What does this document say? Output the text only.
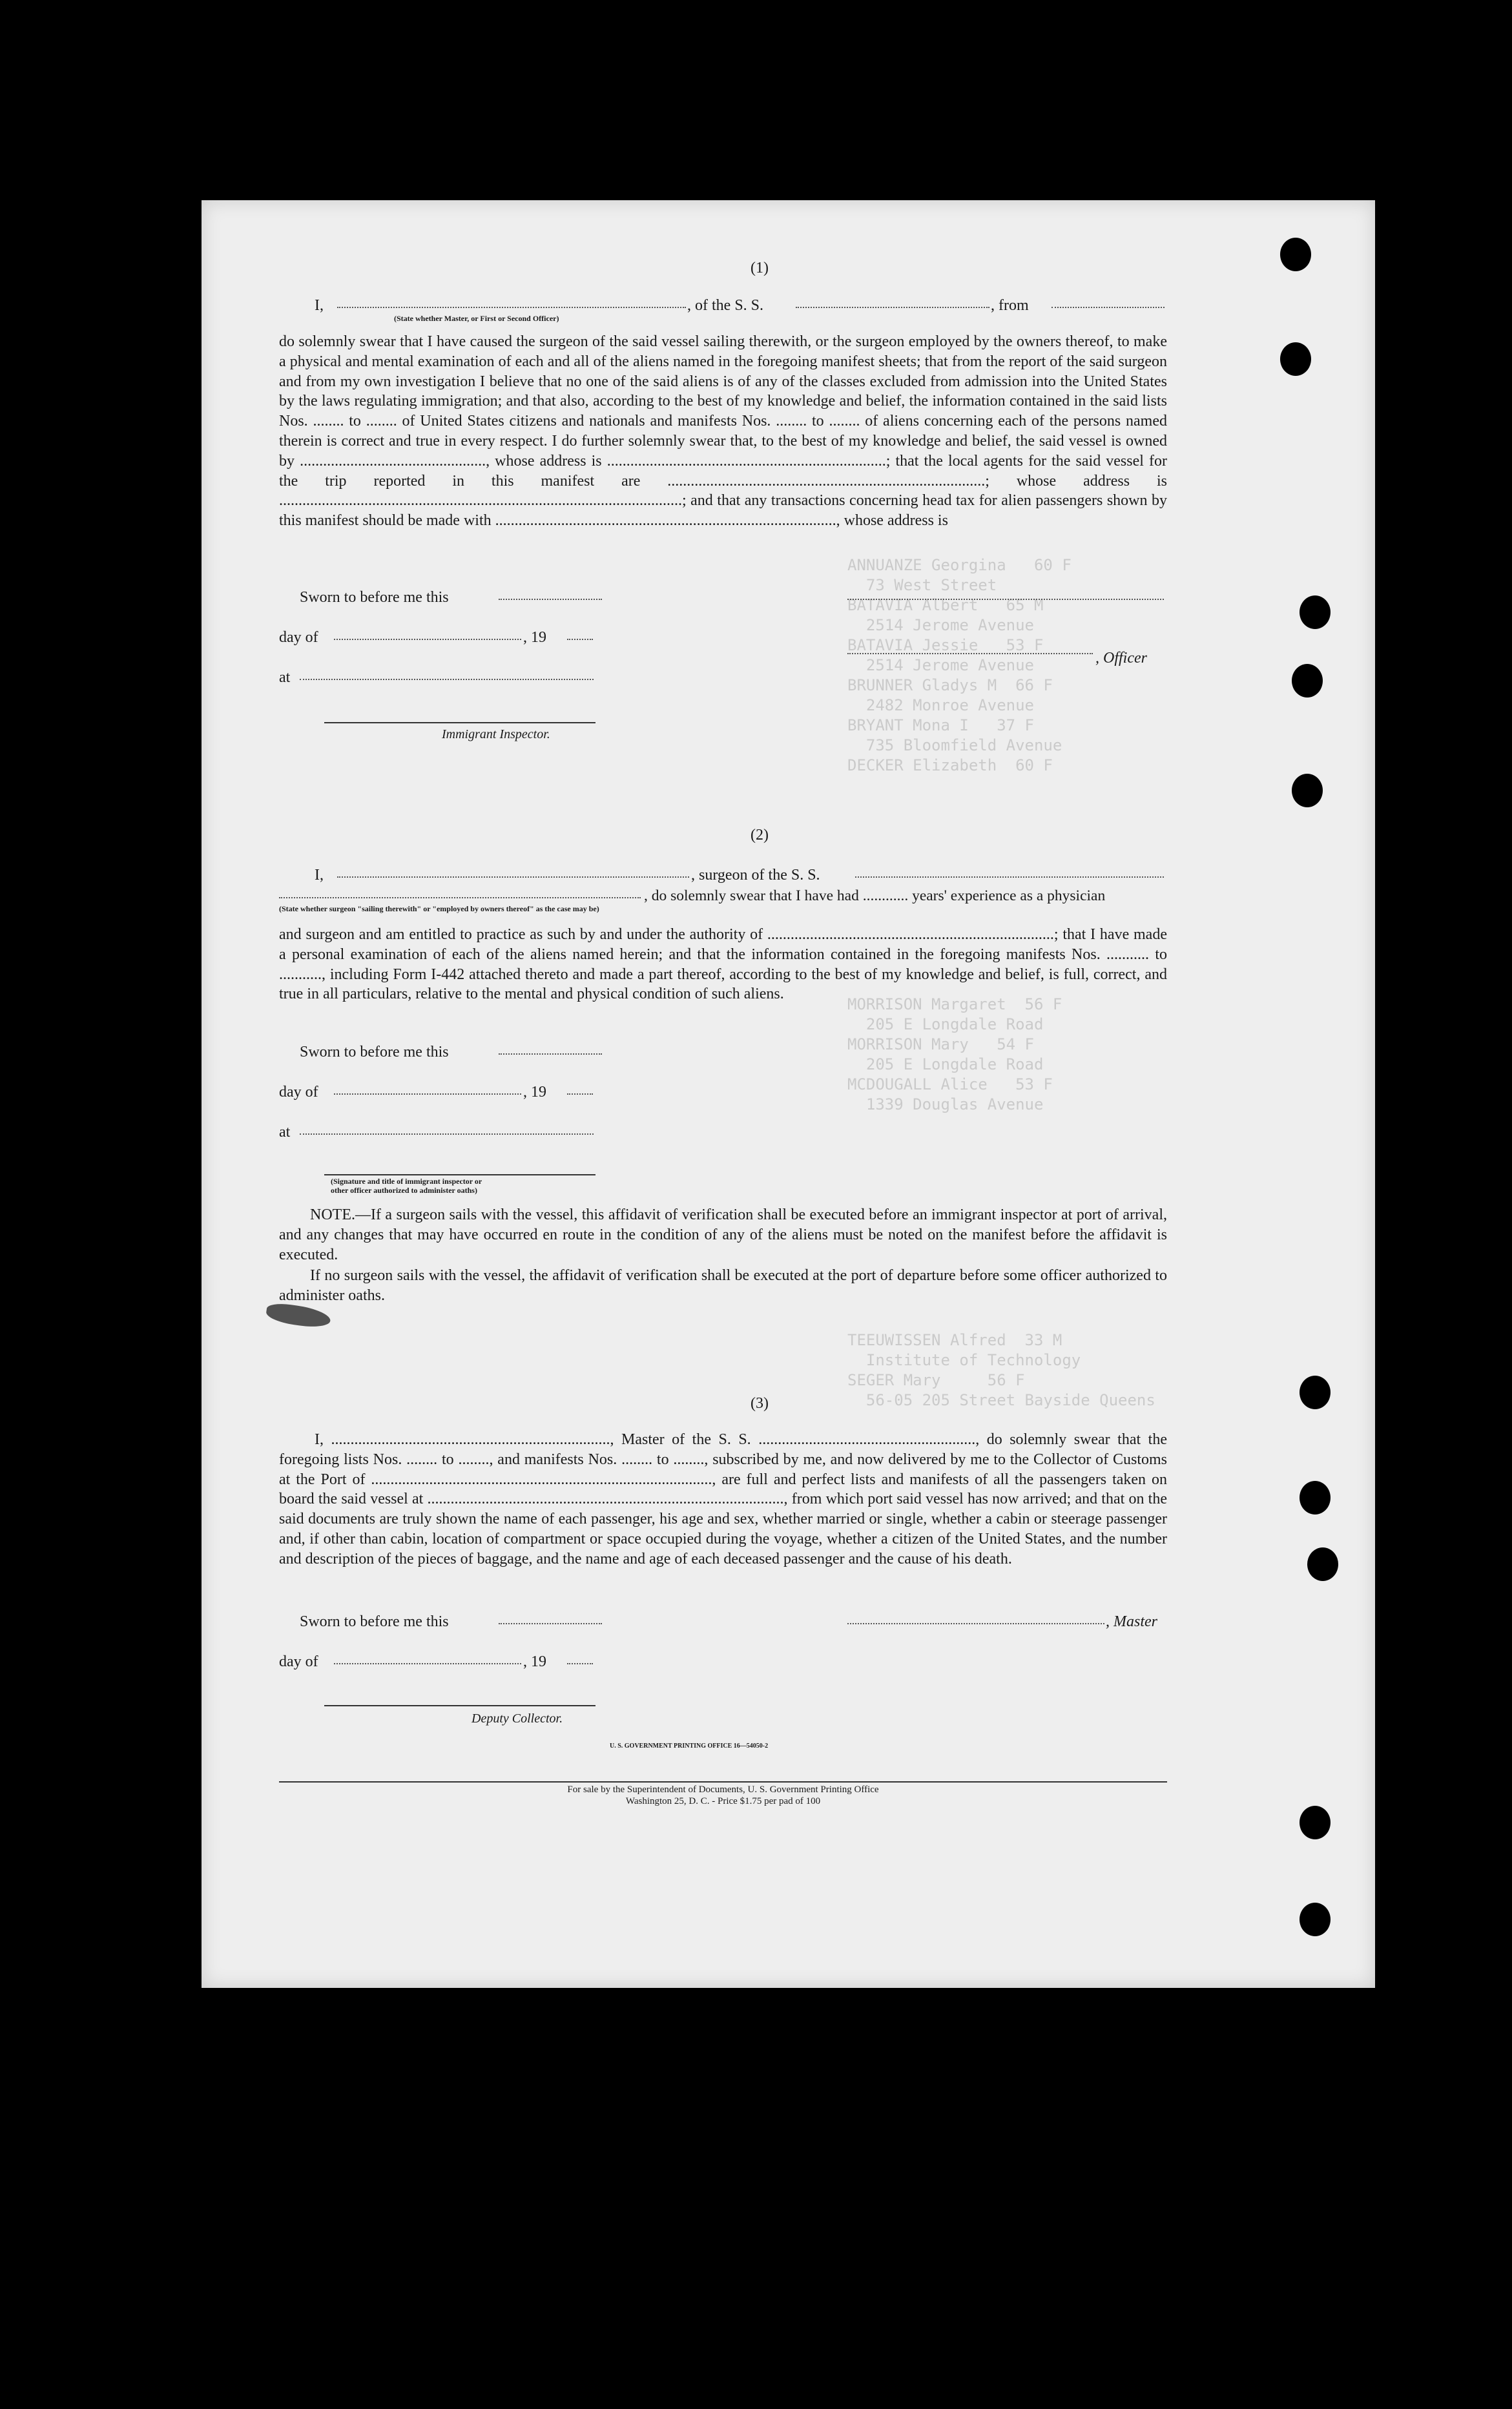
ANNUANZE Georgina   60 F
73 West Street
BATAVIA Albert   65 M
2514 Jerome Avenue
BATAVIA Jessie   53 F
2514 Jerome Avenue
BRUNNER Gladys M  66 F
2482 Monroe Avenue
BRYANT Mona I   37 F
735 Bloomfield Avenue
DECKER Elizabeth  60 F
MORRISON Margaret  56 F
205 E Longdale Road
MORRISON Mary   54 F
205 E Longdale Road
MCDOUGALL Alice   53 F
1339 Douglas Avenue
TEEUWISSEN Alfred  33 M
Institute of Technology
SEGER Mary     56 F
56-05 205 Street Bayside Queens
(1)
I,	, of the S. S.	, from
(State whether Master, or First or Second Officer)
do solemnly swear that I have caused the surgeon of the said vessel sailing therewith, or the surgeon employed by the owners thereof, to make a physical and mental examination of each and all of the aliens named in the foregoing manifest sheets; that from the report of the said surgeon and from my own investigation I believe that no one of the said aliens is of any of the classes excluded from admission into the United States by the laws regulating immigration; and that also, according to the best of my knowledge and belief, the information contained in the said lists Nos. ........ to ........ of United States citizens and nationals and manifests Nos. ........ to ........ of aliens concerning each of the persons named therein is correct and true in every respect. I do further solemnly swear that, to the best of my knowledge and belief, the said vessel is owned by ................................................, whose address is ........................................................................; that the local agents for the said vessel for the trip reported in this manifest are ..................................................................................; whose address is ........................................................................................................; and that any transactions concerning head tax for alien passengers shown by this manifest should be made with ........................................................................................, whose address is
Sworn to before me this
day of	, 19
, Officer
at
Immigrant Inspector.
(2)
I,	, surgeon of the S. S.
, do solemnly swear that I have had ............ years' experience as a physician
(State whether surgeon "sailing therewith" or "employed by owners thereof" as the case may be)
and surgeon and am entitled to practice as such by and under the authority of ..........................................................................; that I have made a personal examination of each of the aliens named herein; and that the information contained in the foregoing manifests Nos. ........... to ..........., including Form I-442 attached thereto and made a part thereof, according to the best of my knowledge and belief, is full, correct, and true in all particulars, relative to the mental and physical condition of such aliens.
Sworn to before me this
day of	, 19
at
(Signature and title of immigrant inspector or
other officer authorized to administer oaths)
NOTE.—If a surgeon sails with the vessel, this affidavit of verification shall be executed before an immigrant inspector at port of arrival, and any changes that may have occurred en route in the condition of any of the aliens must be noted on the manifest before the affidavit is executed.
If no surgeon sails with the vessel, the affidavit of verification shall be executed at the port of departure before some officer authorized to administer oaths.
(3)
I, ........................................................................, Master of the S. S. ........................................................, do solemnly swear that the foregoing lists Nos. ........ to ........, and manifests Nos. ........ to ........, subscribed by me, and now delivered by me to the Collector of Customs at the Port of ........................................................................................, are full and perfect lists and manifests of all the passengers taken on board the said vessel at ............................................................................................, from which port said vessel has now arrived; and that on the said documents are truly shown the name of each passenger, his age and sex, whether married or single, whether a cabin or steerage passenger and, if other than cabin, location of compartment or space occupied during the voyage, whether a citizen of the United States, and the number and description of the pieces of baggage, and the name and age of each deceased passenger and the cause of his death.
Sworn to before me this	, Master
day of	, 19
Deputy Collector.
U. S. GOVERNMENT PRINTING OFFICE 16—54050-2
For sale by the Superintendent of Documents, U. S. Government Printing Office
Washington 25, D. C. - Price $1.75 per pad of 100
